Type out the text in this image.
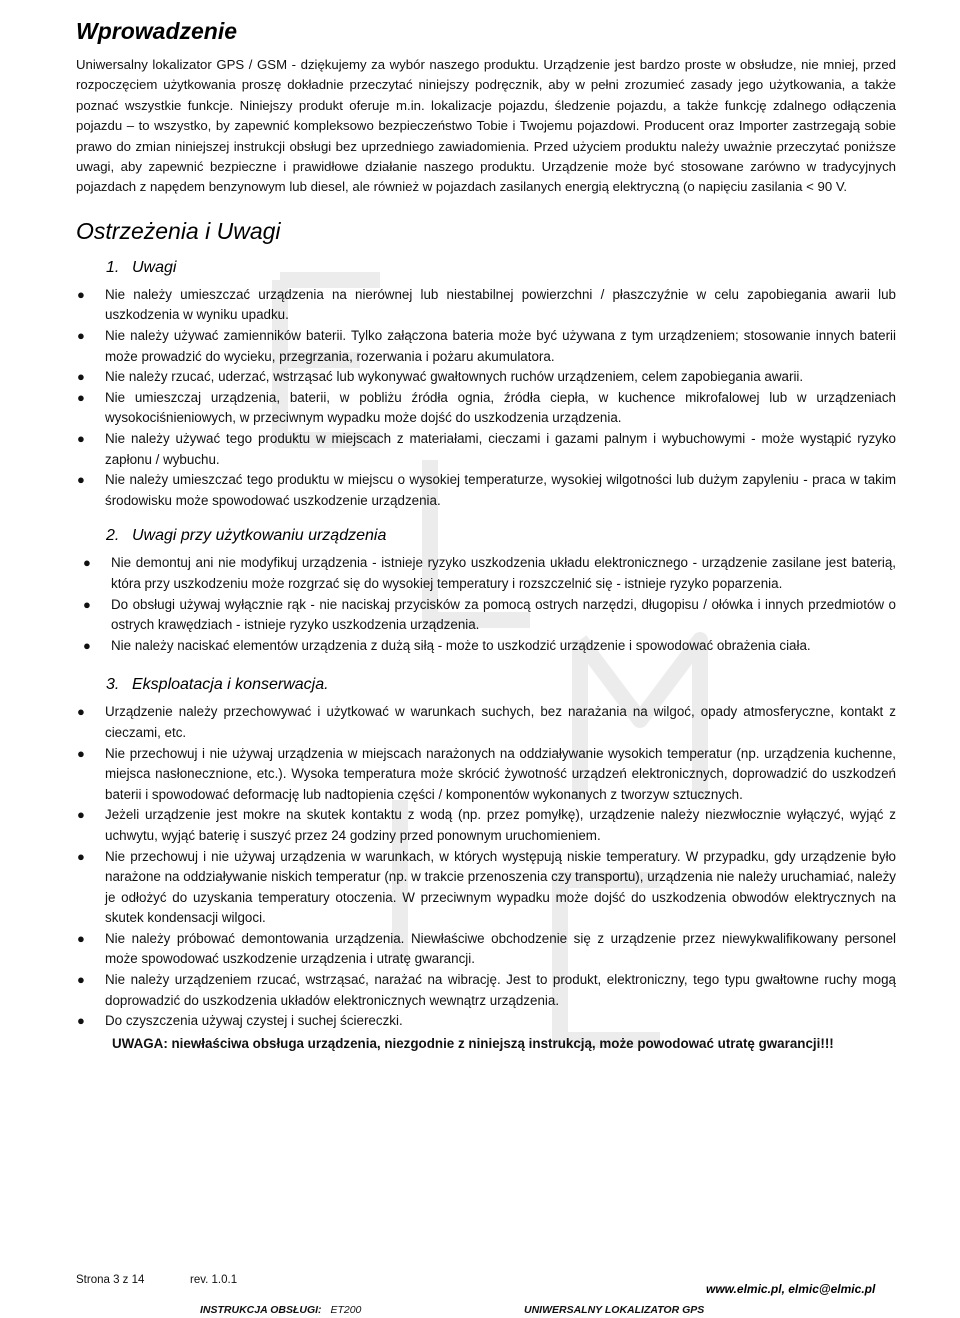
Wprowadzenie

Uniwersalny lokalizator GPS / GSM - dziękujemy za wybór naszego produktu. Urządzenie jest bardzo proste w obsłudze, nie mniej, przed rozpoczęciem użytkowania proszę dokładnie przeczytać niniejszy podręcznik, aby w pełni zrozumieć zasady jego użytkowania, a także poznać wszystkie funkcje. Niniejszy produkt oferuje m.in. lokalizacje pojazdu, śledzenie pojazdu, a także funkcję zdalnego odłączenia pojazdu – to wszystko, by zapewnić kompleksowo bezpieczeństwo Tobie i Twojemu pojazdowi. Producent oraz Importer zastrzegają sobie prawo do zmian niniejszej instrukcji obsługi bez uprzedniego zawiadomienia. Przed użyciem produktu należy uważnie przeczytać poniższe uwagi, aby zapewnić bezpieczne i prawidłowe działanie naszego produktu. Urządzenie może być stosowane zarówno w tradycyjnych pojazdach z napędem benzynowym lub diesel, ale również w pojazdach zasilanych energią elektryczną (o napięciu zasilania < 90 V.

Ostrzeżenia i Uwagi
1. Uwagi
● Nie należy umieszczać urządzenia na nierównej lub niestabilnej powierzchni / płaszczyźnie w celu zapobiegania awarii lub uszkodzenia w wyniku upadku.
● Nie należy używać zamienników baterii. Tylko załączona bateria może być używana z tym urządzeniem; stosowanie innych baterii może prowadzić do wycieku, przegrzania, rozerwania i pożaru akumulatora.
● Nie należy rzucać, uderzać, wstrząsać lub wykonywać gwałtownych ruchów urządzeniem, celem zapobiegania awarii.
● Nie umieszczaj urządzenia, baterii, w pobliżu źródła ognia, źródła ciepła, w kuchence mikrofalowej lub w urządzeniach wysokociśnieniowych, w przeciwnym wypadku może dojść do uszkodzenia urządzenia.
● Nie należy używać tego produktu w miejscach z materiałami, cieczami i gazami palnym i wybuchowymi - może wystąpić ryzyko zapłonu / wybuchu.
● Nie należy umieszczać tego produktu w miejscu o wysokiej temperaturze, wysokiej wilgotności lub dużym zapyleniu - praca w takim środowisku może spowodować uszkodzenie urządzenia.
2. Uwagi przy użytkowaniu urządzenia
● Nie demontuj ani nie modyfikuj urządzenia - istnieje ryzyko uszkodzenia układu elektronicznego - urządzenie zasilane jest baterią, która przy uszkodzeniu może rozgrzać się do wysokiej temperatury i rozszczelnić się - istnieje ryzyko poparzenia.
● Do obsługi używaj wyłącznie rąk - nie naciskaj przycisków za pomocą ostrych narzędzi, długopisu / ołówka i innych przedmiotów o ostrych krawędziach - istnieje ryzyko uszkodzenia urządzenia.
● Nie należy naciskać elementów urządzenia z dużą siłą - może to uszkodzić urządzenie i spowodować obrażenia ciała.
3. Eksploatacja i konserwacja.
● Urządzenie należy przechowywać i użytkować w warunkach suchych, bez narażania na wilgoć, opady atmosferyczne, kontakt z cieczami, etc.
● Nie przechowuj i nie używaj urządzenia w miejscach narażonych na oddziaływanie wysokich temperatur (np. urządzenia kuchenne, miejsca nasłonecznione, etc.). Wysoka temperatura może skrócić żywotność urządzeń elektronicznych, doprowadzić do uszkodzeń baterii i spowodować deformację lub nadtopienia części / komponentów wykonanych z tworzyw sztucznych.
● Jeżeli urządzenie jest mokre na skutek kontaktu z wodą (np. przez pomyłkę), urządzenie należy niezwłocznie wyłączyć, wyjąć z uchwytu, wyjąć baterię i suszyć przez 24 godziny przed ponownym uruchomieniem.
● Nie przechowuj i nie używaj urządzenia w warunkach, w których występują niskie temperatury. W przypadku, gdy urządzenie było narażone na oddziaływanie niskich temperatur (np. w trakcie przenoszenia czy transportu), urządzenia nie należy uruchamiać, należy je odłożyć do uzyskania temperatury otoczenia. W przeciwnym wypadku może dojść do uszkodzenia obwodów elektrycznych na skutek kondensacji wilgoci.
● Nie należy próbować demontowania urządzenia. Niewłaściwe obchodzenie się z urządzenie przez niewykwalifikowany personel może spowodować uszkodzenie urządzenia i utratę gwarancji.
● Nie należy urządzeniem rzucać, wstrząsać, narażać na wibrację. Jest to produkt, elektroniczny, tego typu gwałtowne ruchy mogą doprowadzić do uszkodzenia układów elektronicznych wewnątrz urządzenia.
● Do czyszczenia używaj czystej i suchej ściereczki.
UWAGA: niewłaściwa obsługa urządzenia, niezgodnie z niniejszą instrukcją, może powodować utratę gwarancji!!!
Strona 3 z 14	rev. 1.0.1
www.elmic.pl, elmic@elmic.pl
INSTRUKCJA OBSŁUGI: ET200	UNIWERSALNY LOKALIZATOR GPS
